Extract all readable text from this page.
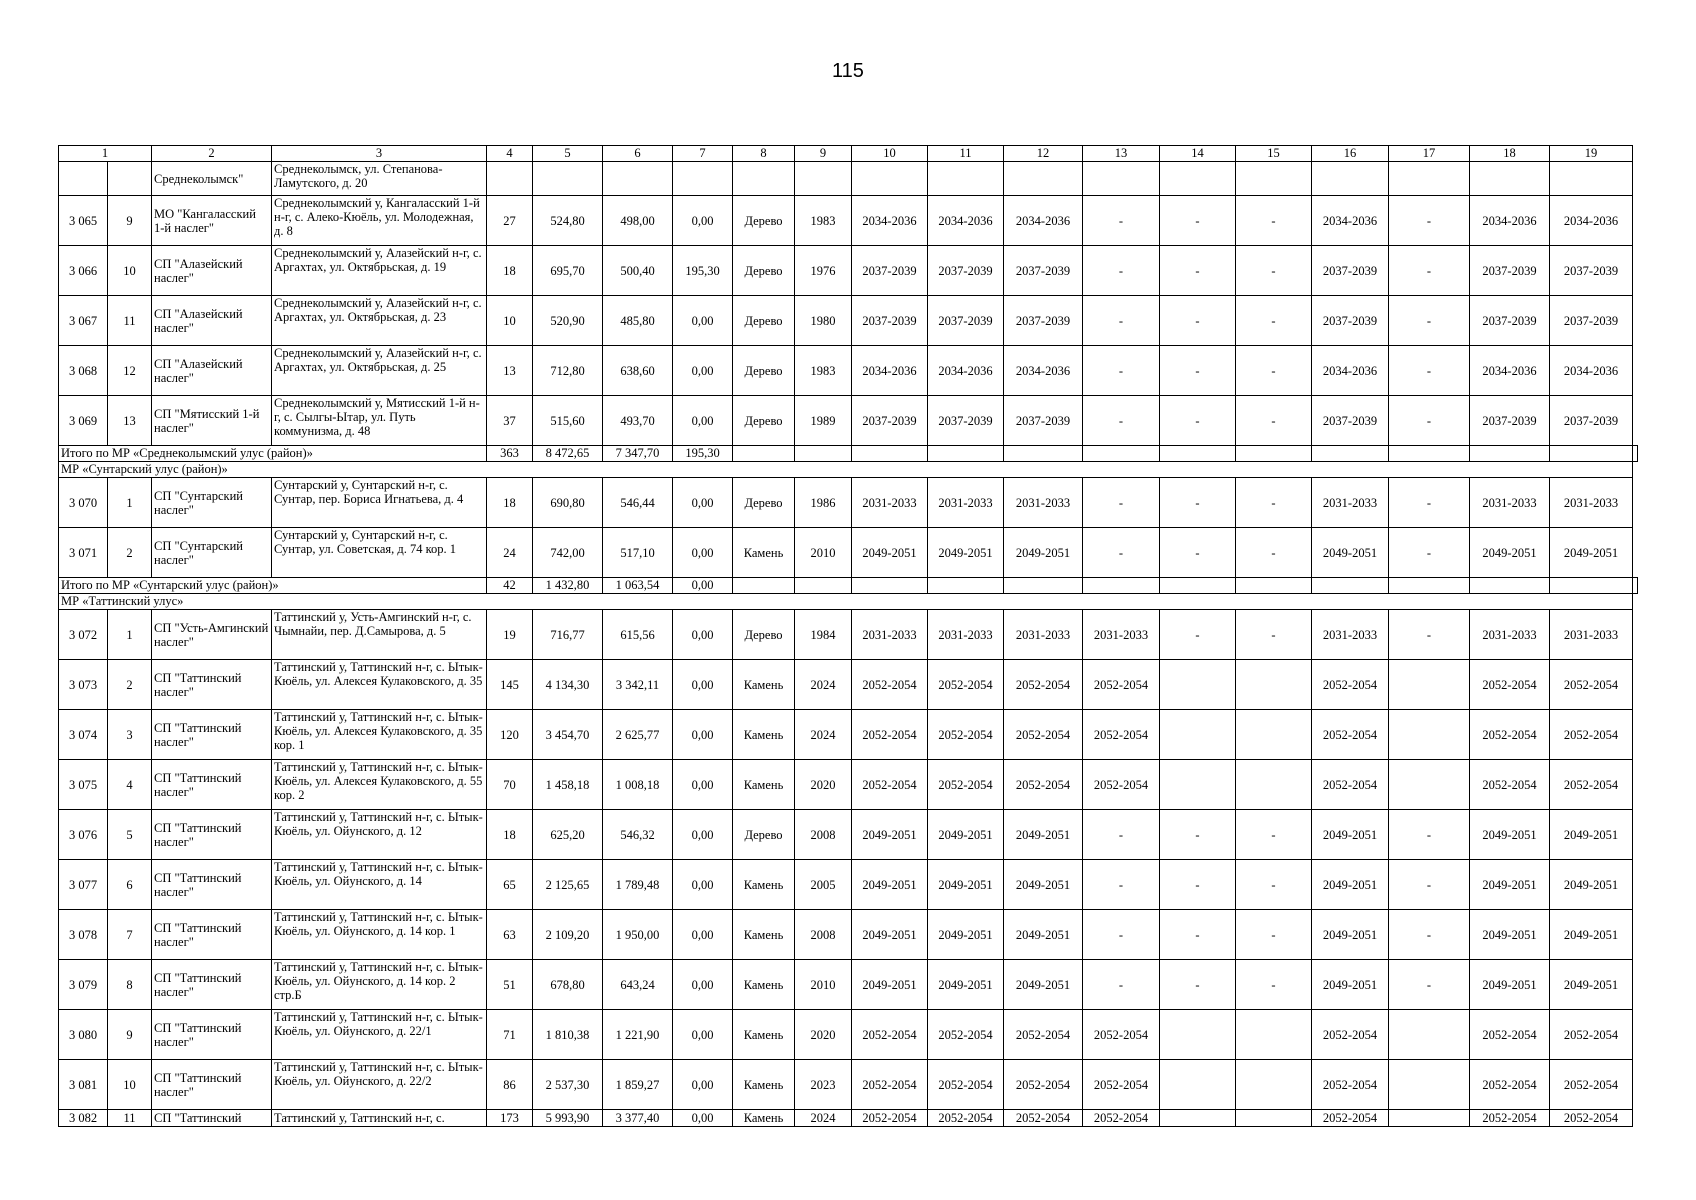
115
1		2	3	4	5	6	7	8	9	10	11	12	13	14	15	16	17	18	19	
		Среднеколымск"	Среднеколымск, ул. Степанова-Ламутского, д. 20																	
3 065	9	МО "Кангаласский 1-й наслег"	Среднеколымский у, Кангаласский 1-й н-г, с. Алеко-Кюёль, ул. Молодежная, д. 8	27	524,80	498,00	0,00	Дерево	1983	2034-2036	2034-2036	2034-2036	-	-	-	2034-2036	-	2034-2036	2034-2036	
3 066	10	СП "Алазейский наслег"	Среднеколымский у, Алазейский н-г, с. Аргахтах, ул. Октябрьская, д. 19	18	695,70	500,40	195,30	Дерево	1976	2037-2039	2037-2039	2037-2039	-	-	-	2037-2039	-	2037-2039	2037-2039	
3 067	11	СП "Алазейский наслег"	Среднеколымский у, Алазейский н-г, с. Аргахтах, ул. Октябрьская, д. 23	10	520,90	485,80	0,00	Дерево	1980	2037-2039	2037-2039	2037-2039	-	-	-	2037-2039	-	2037-2039	2037-2039	
3 068	12	СП "Алазейский наслег"	Среднеколымский у, Алазейский н-г, с. Аргахтах, ул. Октябрьская, д. 25	13	712,80	638,60	0,00	Дерево	1983	2034-2036	2034-2036	2034-2036	-	-	-	2034-2036	-	2034-2036	2034-2036	
3 069	13	СП "Мятисский 1-й наслег"	Среднеколымский у, Мятисский 1-й н-г, с. Сылгы-Ытар, ул. Путь коммунизма, д. 48	37	515,60	493,70	0,00	Дерево	1989	2037-2039	2037-2039	2037-2039	-	-	-	2037-2039	-	2037-2039	2037-2039	
Итого по МР «Среднеколымский улус (район)»				363	8 472,65	7 347,70	195,30													
МР «Сунтарский улус (район)»																				
3 070	1	СП "Сунтарский наслег"	Сунтарский у, Сунтарский н-г, с. Сунтар, пер. Бориса Игнатьева, д. 4	18	690,80	546,44	0,00	Дерево	1986	2031-2033	2031-2033	2031-2033	-	-	-	2031-2033	-	2031-2033	2031-2033	
3 071	2	СП "Сунтарский наслег"	Сунтарский у, Сунтарский н-г, с. Сунтар, ул. Советская, д. 74 кор. 1	24	742,00	517,10	0,00	Камень	2010	2049-2051	2049-2051	2049-2051	-	-	-	2049-2051	-	2049-2051	2049-2051	
Итого по МР «Сунтарский улус (район)»				42	1 432,80	1 063,54	0,00													
МР «Таттинский улус»																				
3 072	1	СП "Усть-Амгинский наслег"	Таттинский у, Усть-Амгинский н-г, с. Чымнайи, пер. Д.Самырова, д. 5	19	716,77	615,56	0,00	Дерево	1984	2031-2033	2031-2033	2031-2033	2031-2033	-	-	2031-2033	-	2031-2033	2031-2033	
3 073	2	СП "Таттинский наслег"	Таттинский у, Таттинский н-г, с. Ытык-Кюёль, ул. Алексея Кулаковского, д. 35	145	4 134,30	3 342,11	0,00	Камень	2024	2052-2054	2052-2054	2052-2054	2052-2054			2052-2054		2052-2054	2052-2054	
3 074	3	СП "Таттинский наслег"	Таттинский у, Таттинский н-г, с. Ытык-Кюёль, ул. Алексея Кулаковского, д. 35 кор. 1	120	3 454,70	2 625,77	0,00	Камень	2024	2052-2054	2052-2054	2052-2054	2052-2054			2052-2054		2052-2054	2052-2054	
3 075	4	СП "Таттинский наслег"	Таттинский у, Таттинский н-г, с. Ытык-Кюёль, ул. Алексея Кулаковского, д. 55 кор. 2	70	1 458,18	1 008,18	0,00	Камень	2020	2052-2054	2052-2054	2052-2054	2052-2054			2052-2054		2052-2054	2052-2054	
3 076	5	СП "Таттинский наслег"	Таттинский у, Таттинский н-г, с. Ытык-Кюёль, ул. Ойунского, д. 12	18	625,20	546,32	0,00	Дерево	2008	2049-2051	2049-2051	2049-2051	-	-	-	2049-2051	-	2049-2051	2049-2051	
3 077	6	СП "Таттинский наслег"	Таттинский у, Таттинский н-г, с. Ытык-Кюёль, ул. Ойунского, д. 14	65	2 125,65	1 789,48	0,00	Камень	2005	2049-2051	2049-2051	2049-2051	-	-	-	2049-2051	-	2049-2051	2049-2051	
3 078	7	СП "Таттинский наслег"	Таттинский у, Таттинский н-г, с. Ытык-Кюёль, ул. Ойунского, д. 14 кор. 1	63	2 109,20	1 950,00	0,00	Камень	2008	2049-2051	2049-2051	2049-2051	-	-	-	2049-2051	-	2049-2051	2049-2051	
3 079	8	СП "Таттинский наслег"	Таттинский у, Таттинский н-г, с. Ытык-Кюёль, ул. Ойунского, д. 14 кор. 2 стр.Б	51	678,80	643,24	0,00	Камень	2010	2049-2051	2049-2051	2049-2051	-	-	-	2049-2051	-	2049-2051	2049-2051	
3 080	9	СП "Таттинский наслег"	Таттинский у, Таттинский н-г, с. Ытык-Кюёль, ул. Ойунского, д. 22/1	71	1 810,38	1 221,90	0,00	Камень	2020	2052-2054	2052-2054	2052-2054	2052-2054			2052-2054		2052-2054	2052-2054	
3 081	10	СП "Таттинский наслег"	Таттинский у, Таттинский н-г, с. Ытык-Кюёль, ул. Ойунского, д. 22/2	86	2 537,30	1 859,27	0,00	Камень	2023	2052-2054	2052-2054	2052-2054	2052-2054			2052-2054		2052-2054	2052-2054	
3 082	11	СП "Таттинский	Таттинский у, Таттинский н-г, с.	173	5 993,90	3 377,40	0,00	Камень	2024	2052-2054	2052-2054	2052-2054	2052-2054			2052-2054		2052-2054	2052-2054	
